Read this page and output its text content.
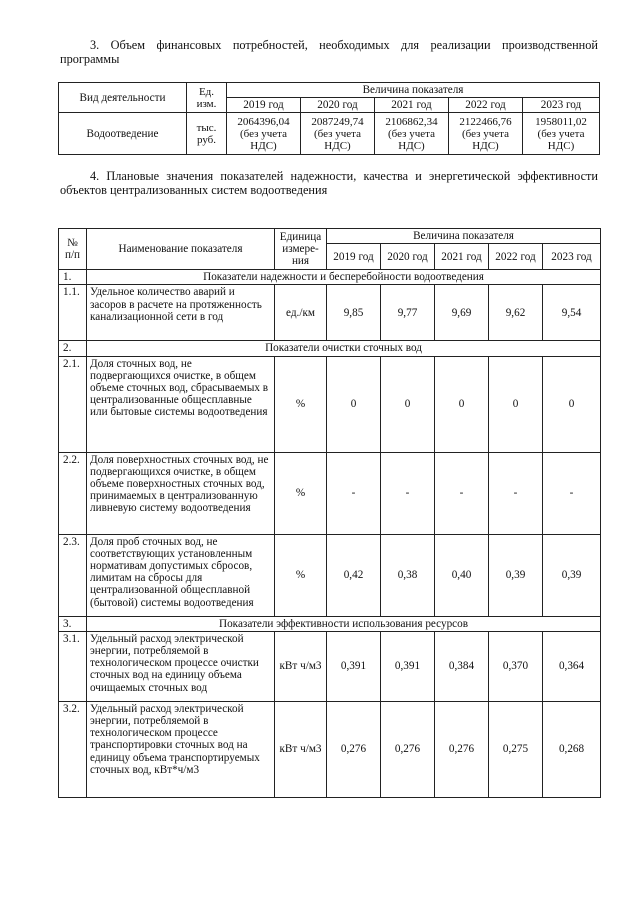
3. Объем финансовых потребностей, необходимых для реализации производственной программы
Вид деятельности	Ед. изм.	Величина показателя				
		2019 год	2020 год	2021 год	2022 год	2023 год
Водоотведение	тыс. руб.	2064396,04 (без учета НДС)	2087249,74 (без учета НДС)	2106862,34 (без учета НДС)	2122466,76 (без учета НДС)	1958011,02 (без учета НДС)
4. Плановые значения показателей надежности, качества и энергетической эффективности объектов централизованных систем водоотведения
№ п/п	Наименование показателя	Единица измере-ния	Величина показателя				
			2019 год	2020 год	2021 год	2022 год	2023 год
1.	Показатели надежности и бесперебойности водоотведения						
1.1.	Удельное количество аварий и засоров в расчете на протяженность канализационной сети в год	ед./км	9,85	9,77	9,69	9,62	9,54
2.	Показатели очистки сточных вод						
2.1.	Доля сточных вод, не подвергающихся очистке, в общем объеме сточных вод, сбрасываемых в централизованные общесплавные или бытовые системы водоотведения	%	0	0	0	0	0
2.2.	Доля поверхностных сточных вод, не подвергающихся очистке, в общем объеме поверхностных сточных вод, принимаемых в централизованную ливневую систему водоотведения	%	-	-	-	-	-
2.3.	Доля проб сточных вод, не соответствующих установленным нормативам допустимых сбросов, лимитам на сбросы для централизованной общесплавной (бытовой) системы водоотведения	%	0,42	0,38	0,40	0,39	0,39
3.	Показатели эффективности использования ресурсов						
3.1.	Удельный расход электрической энергии, потребляемой в технологическом процессе очистки сточных вод на единицу объема очищаемых сточных вод	кВт ч/м3	0,391	0,391	0,384	0,370	0,364
3.2.	Удельный расход электрической энергии, потребляемой в технологическом процессе транспортировки сточных вод на единицу объема транспортируемых сточных вод, кВт*ч/м3	кВт ч/м3	0,276	0,276	0,276	0,275	0,268
